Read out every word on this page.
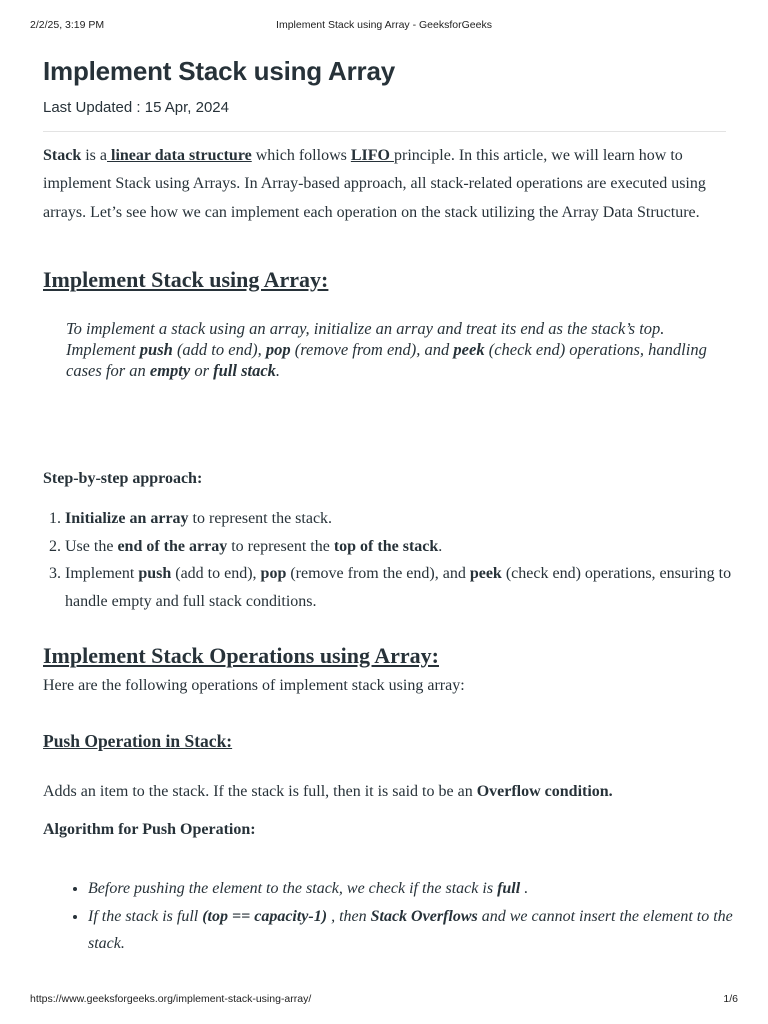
2/2/25, 3:19 PM	Implement Stack using Array - GeeksforGeeks
Implement Stack using Array
Last Updated : 15 Apr, 2024

Stack is a linear data structure which follows LIFO principle. In this article, we will learn how to implement Stack using Arrays. In Array-based approach, all stack-related operations are executed using arrays. Let’s see how we can implement each operation on the stack utilizing the Array Data Structure.

Implement Stack using Array:

To implement a stack using an array, initialize an array and treat its end as the stack’s top. Implement push (add to end), pop (remove from end), and peek (check end) operations, handling cases for an empty or full stack.

Step-by-step approach:

1. Initialize an array to represent the stack.
2. Use the end of the array to represent the top of the stack.
3. Implement push (add to end), pop (remove from the end), and peek (check end) operations, ensuring to handle empty and full stack conditions.
Implement Stack Operations using Array:

Here are the following operations of implement stack using array:

Push Operation in Stack:

Adds an item to the stack. If the stack is full, then it is said to be an Overflow condition.

Algorithm for Push Operation:

• Before pushing the element to the stack, we check if the stack is full .
• If the stack is full (top == capacity-1) , then Stack Overflows and we cannot insert the element to the stack.
https://www.geeksforgeeks.org/implement-stack-using-array/	1/6
